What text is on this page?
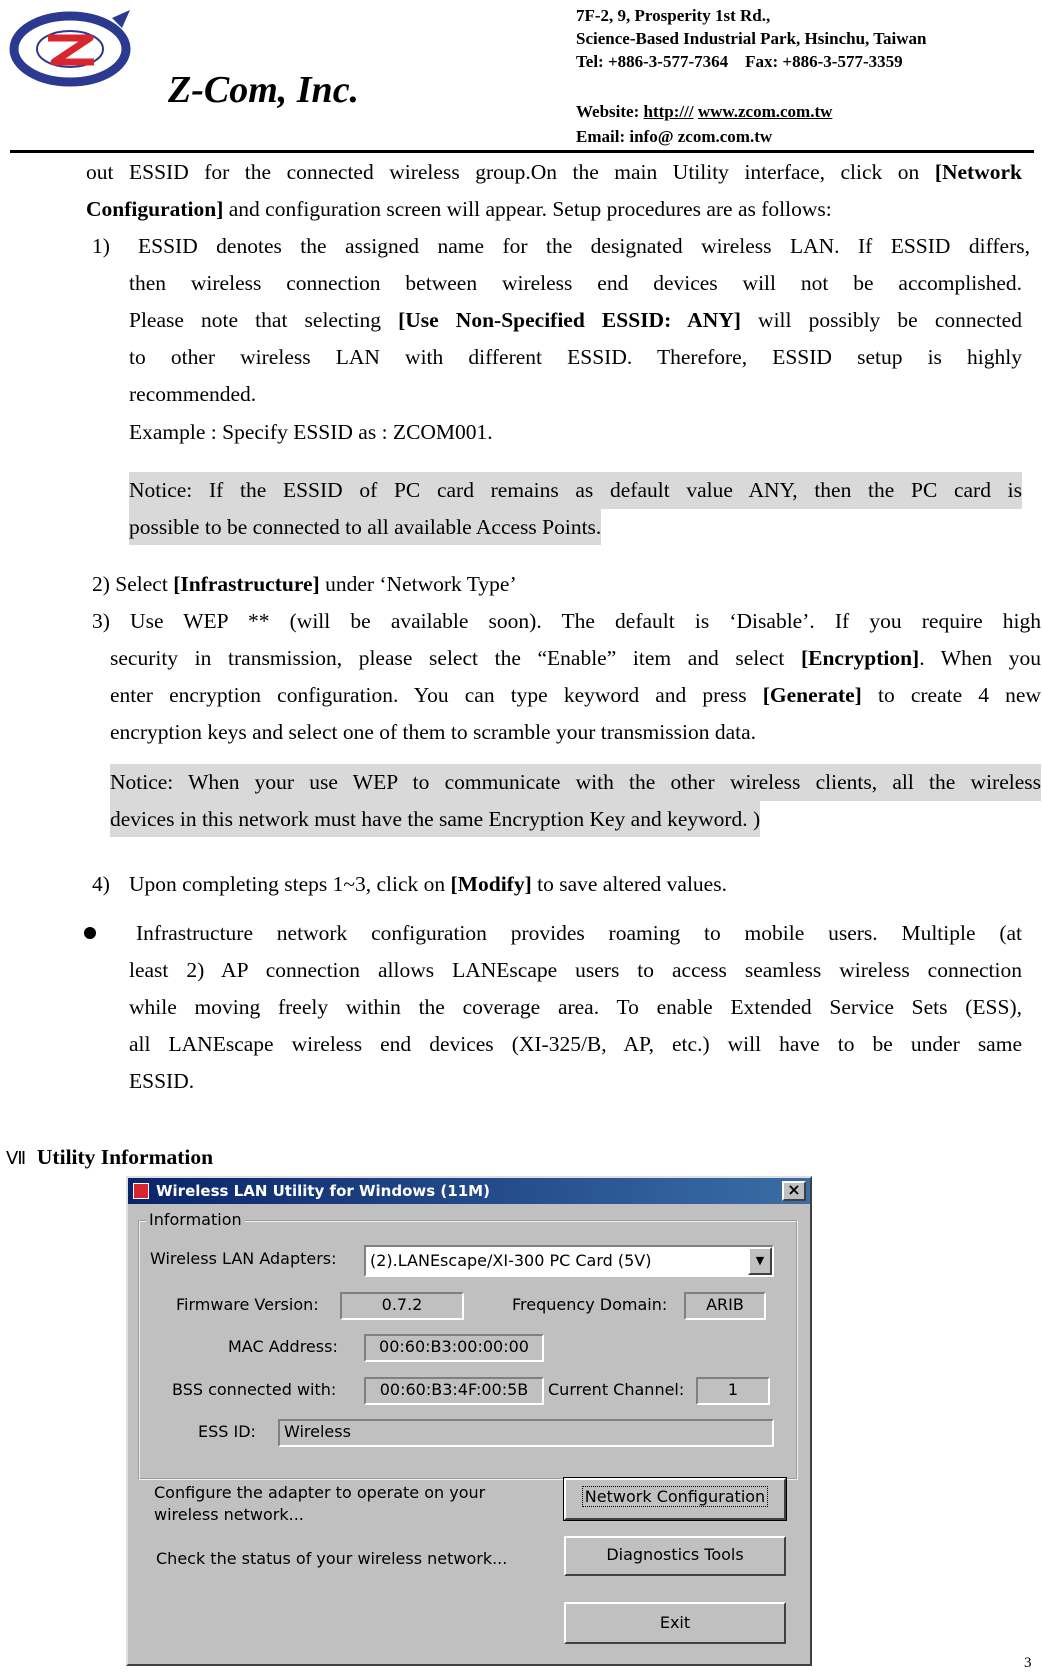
Z-Com, Inc.
7F-2, 9, Prosperity 1st Rd.,
Science-Based Industrial Park, Hsinchu, Taiwan
Tel: +886-3-577-7364 Fax: +886-3-577-3359
Website: http:/// www.zcom.com.tw
Email: info@ zcom.com.tw
out ESSID for the connected wireless group.On the main Utility interface, click on [Network
Configuration] and configuration screen will appear. Setup procedures are as follows:
1) ESSID denotes the assigned name for the designated wireless LAN. If ESSID differs,
then wireless connection between wireless end devices will not be accomplished.
Please note that selecting [Use Non-Specified ESSID: ANY] will possibly be connected
to other wireless LAN with different ESSID. Therefore, ESSID setup is highly
recommended.
Example : Specify ESSID as : ZCOM001.
Notice: If the ESSID of PC card remains as default value ANY, then the PC card is
possible to be connected to all available Access Points.
2) Select [Infrastructure] under ‘Network Type’
3) Use WEP ** (will be available soon). The default is ‘Disable’. If you require high
security in transmission, please select the “Enable” item and select [Encryption]. When you
enter encryption configuration. You can type keyword and press [Generate] to create 4 new
encryption keys and select one of them to scramble your transmission data.
Notice: When your use WEP to communicate with the other wireless clients, all the wireless
devices in this network must have the same Encryption Key and keyword. )
4) Upon completing steps 1~3, click on [Modify] to save altered values.
Infrastructure network configuration provides roaming to mobile users. Multiple (at
least 2) AP connection allows LANEscape users to access seamless wireless connection
while moving freely within the coverage area. To enable Extended Service Sets (ESS),
all LANEscape wireless end devices (XI-325/B, AP, etc.) will have to be under same
ESSID.
Ⅶ Utility Information
Wireless LAN Utility for Windows (11M)	×
Information
Wireless LAN Adapters:	(2).LANEscape/XI-300 PC Card (5V)	▼
Firmware Version:	0.7.2	Frequency Domain:	ARIB
MAC Address:	00:60:B3:00:00:00
BSS connected with:	00:60:B3:4F:00:5B	Current Channel:	1
ESS ID:	Wireless
Configure the adapter to operate on your
wireless network...
Network Configuration
Check the status of your wireless network...	Diagnostics Tools
Exit
3
